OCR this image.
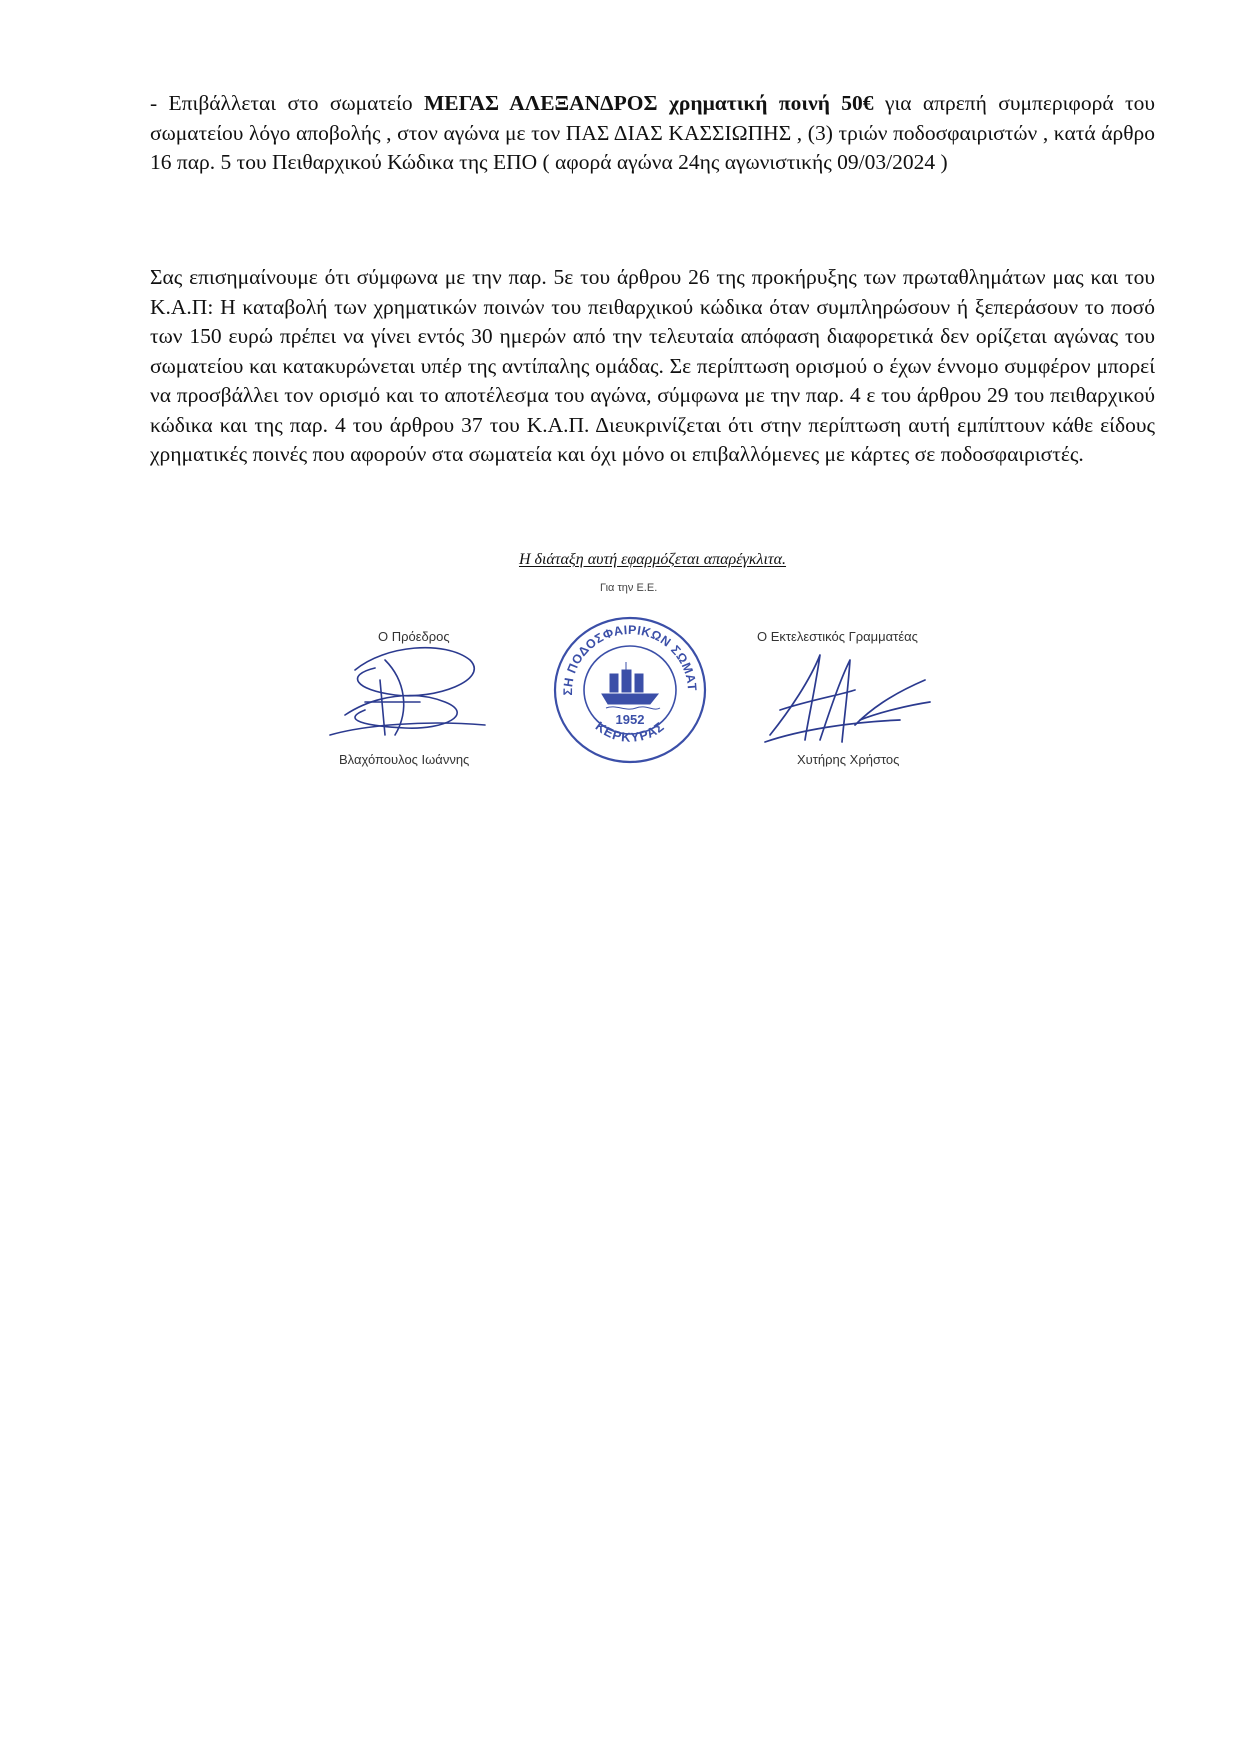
- Επιβάλλεται στο σωματείο ΜΕΓΑΣ ΑΛΕΞΑΝΔΡΟΣ χρηματική ποινή 50€ για απρεπή συμπεριφορά του σωματείου λόγο αποβολής , στον αγώνα με τον ΠΑΣ ΔΙΑΣ ΚΑΣΣΙΩΠΗΣ , (3) τριών ποδοσφαιριστών , κατά άρθρο 16 παρ. 5 του Πειθαρχικού Κώδικα της ΕΠΟ ( αφορά αγώνα 24ης αγωνιστικής 09/03/2024 )

Σας επισημαίνουμε ότι σύμφωνα με την παρ. 5ε του άρθρου 26 της προκήρυξης των πρωταθλημάτων μας και του Κ.Α.Π: Η καταβολή των χρηματικών ποινών του πειθαρχικού κώδικα όταν συμπληρώσουν ή ξεπεράσουν το ποσό των 150 ευρώ πρέπει να γίνει εντός 30 ημερών από την τελευταία απόφαση διαφορετικά δεν ορίζεται αγώνας του σωματείου και κατακυρώνεται υπέρ της αντίπαλης ομάδας. Σε περίπτωση ορισμού ο έχων έννομο συμφέρον μπορεί να προσβάλλει τον ορισμό και το αποτέλεσμα του αγώνα, σύμφωνα με την παρ. 4 ε του άρθρου 29 του πειθαρχικού κώδικα και της παρ. 4 του άρθρου 37 του Κ.Α.Π. Διευκρινίζεται ότι στην περίπτωση αυτή εμπίπτουν κάθε είδους χρηματικές ποινές που αφορούν στα σωματεία και όχι μόνο οι επιβαλλόμενες με κάρτες σε ποδοσφαιριστές.

Η διάταξη αυτή εφαρμόζεται απαρέγκλιτα.
Για την Ε.Ε.
Ο Πρόεδρος
Βλαχόπουλος Ιωάννης
Ο Εκτελεστικός Γραμματέας
Χυτήρης Χρήστος
ΕΝΩΣΗ ΠΟΔΟΣΦΑΙΡΙΚΩΝ ΣΩΜΑΤΕΙΩΝ
ΚΕΡΚΥΡΑΣ
1952
